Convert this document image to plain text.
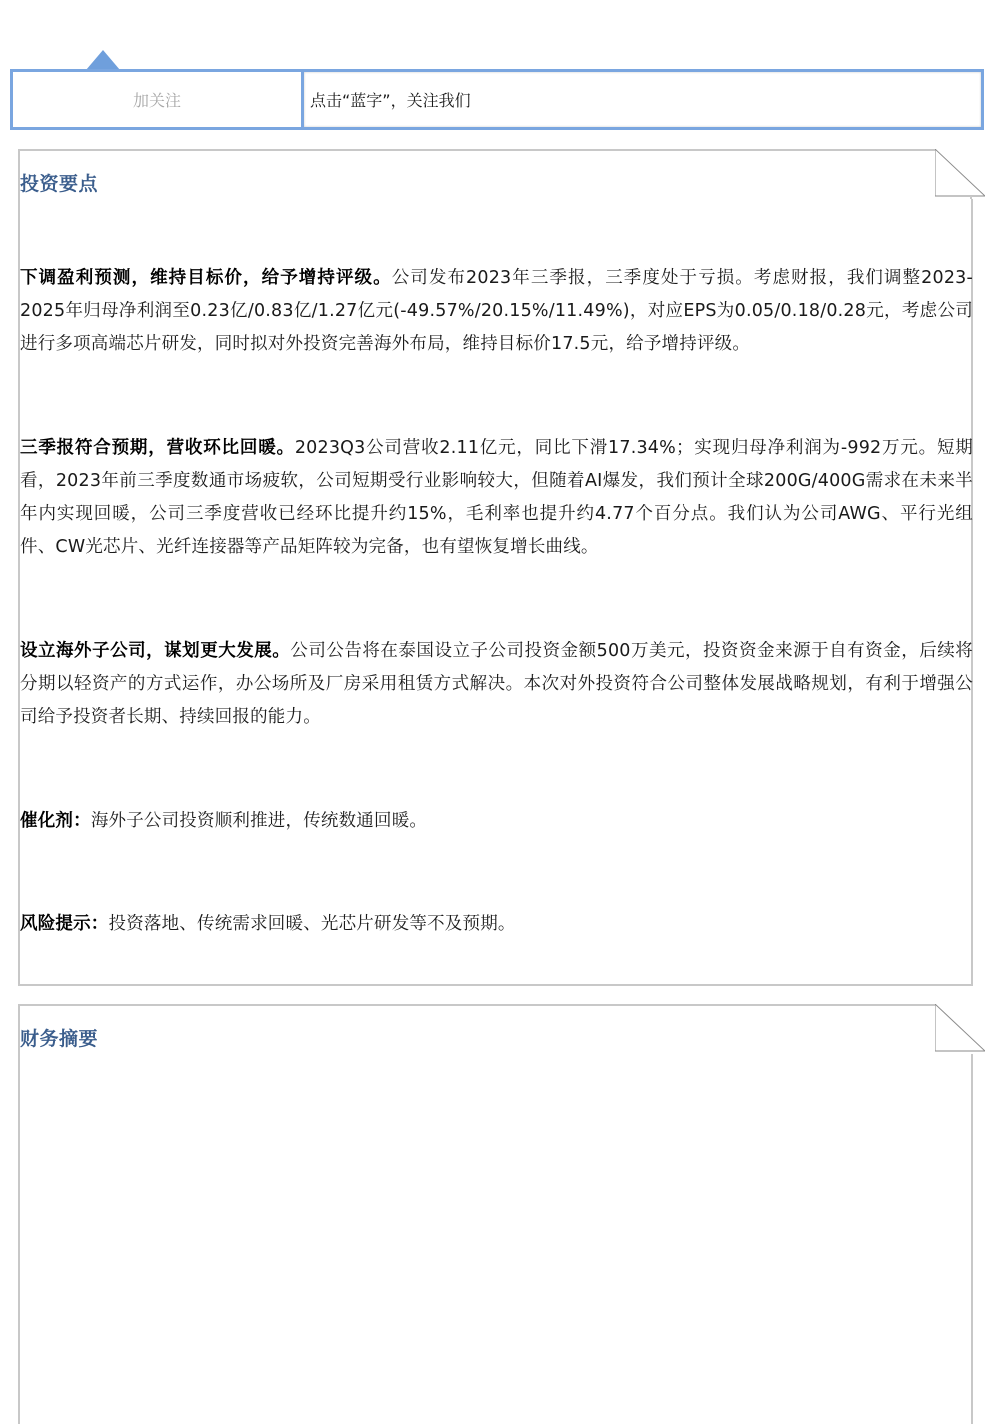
加关注	点击“蓝字”，关注我们
投资要点
下调盈利预测，维持目标价，给予增持评级。公司发布2023年三季报，三季度处于亏损。考虑财报，我们调整2023-2025年归母净利润至0.23亿/0.83亿/1.27亿元(-49.57%/20.15%/11.49%)，对应EPS为0.05/0.18/0.28元，考虑公司进行多项高端芯片研发，同时拟对外投资完善海外布局，维持目标价17.5元，给予增持评级。
三季报符合预期，营收环比回暖。2023Q3公司营收2.11亿元，同比下滑17.34%；实现归母净利润为-992万元。短期看，2023年前三季度数通市场疲软，公司短期受行业影响较大，但随着AI爆发，我们预计全球200G/400G需求在未来半年内实现回暖，公司三季度营收已经环比提升约15%，毛利率也提升约4.77个百分点。我们认为公司AWG、平行光组件、CW光芯片、光纤连接器等产品矩阵较为完备，也有望恢复增长曲线。
设立海外子公司，谋划更大发展。公司公告将在泰国设立子公司投资金额500万美元，投资资金来源于自有资金，后续将分期以轻资产的方式运作，办公场所及厂房采用租赁方式解决。本次对外投资符合公司整体发展战略规划，有利于增强公司给予投资者长期、持续回报的能力。
催化剂：海外子公司投资顺利推进，传统数通回暖。
风险提示：投资落地、传统需求回暖、光芯片研发等不及预期。
财务摘要
